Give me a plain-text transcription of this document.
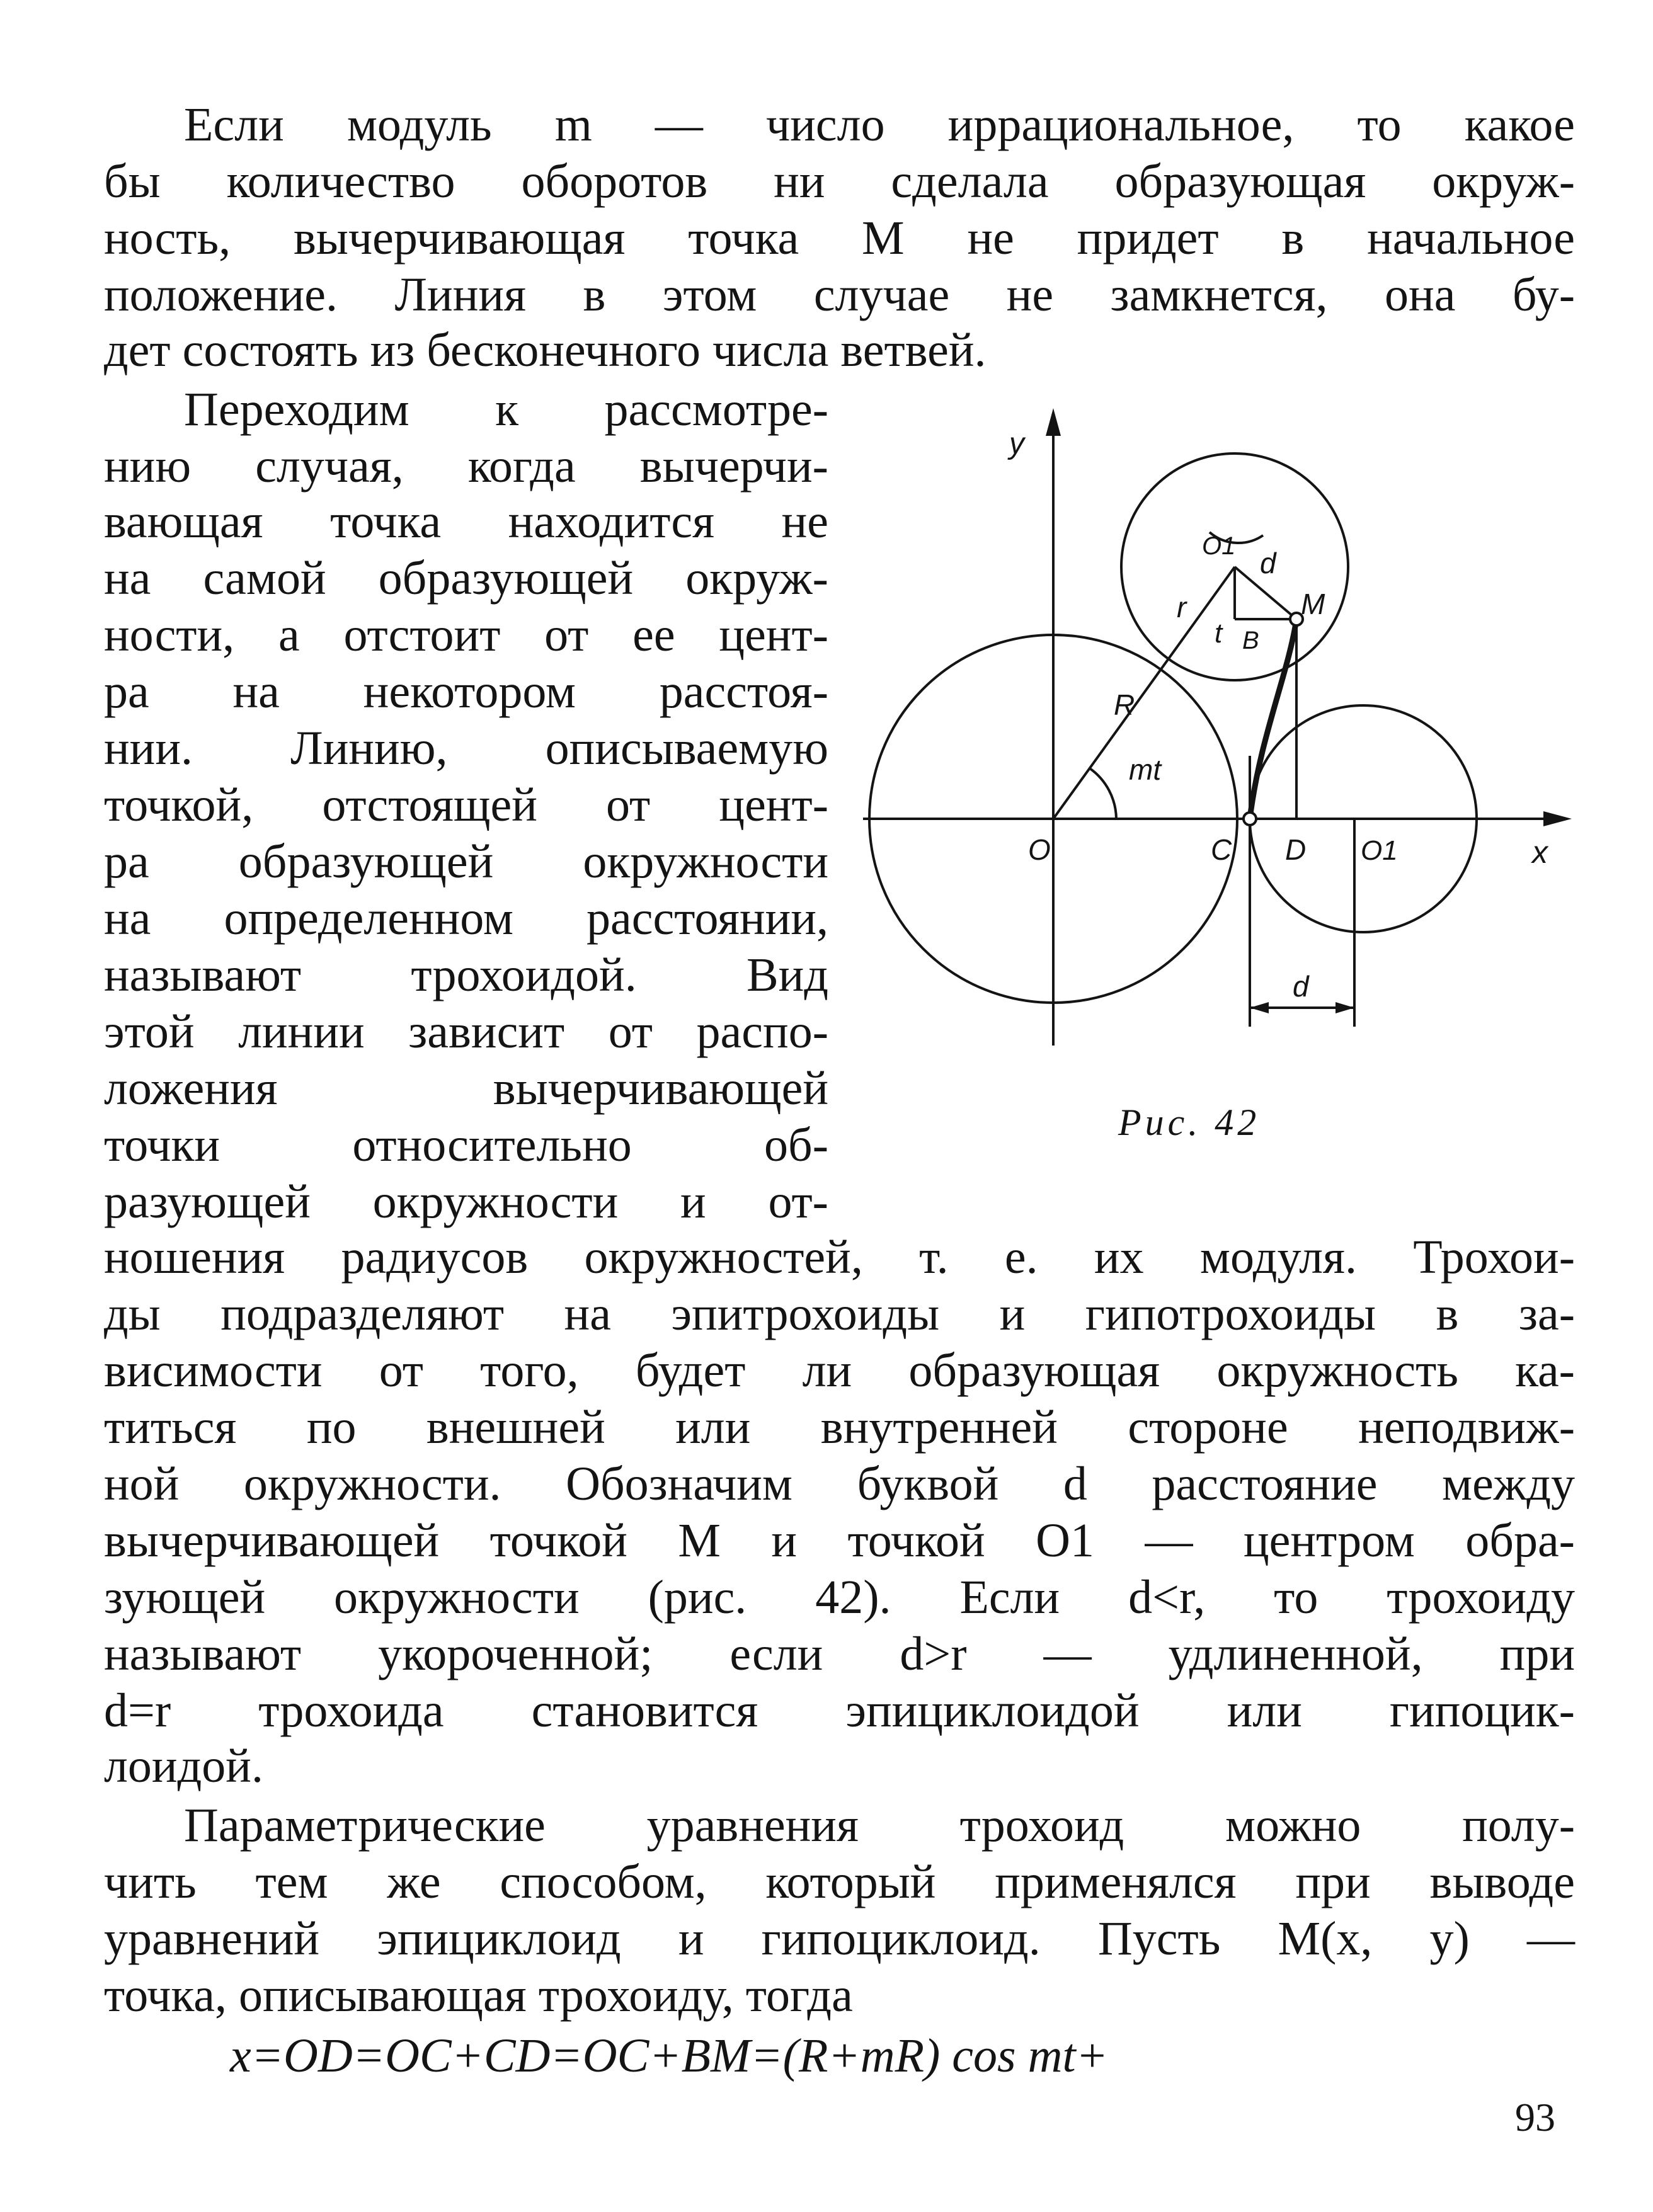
Если модуль m — число иррациональное, то какое
бы количество оборотов ни сделала образующая окруж-
ность, вычерчивающая точка M не придет в начальное
положение. Линия в этом случае не замкнется, она бу-
дет состоять из бесконечного числа ветвей.
Переходим к рассмотре-
нию случая, когда вычерчи-
вающая точка находится не
на самой образующей окруж-
ности, а отстоит от ее цент-
ра на некотором расстоя-
нии. Линию, описываемую
точкой, отстоящей от цент-
ра образующей окружности
на определенном расстоянии,
называют трохоидой. Вид
этой линии зависит от распо-
ложения вычерчивающей
точки относительно об-
разующей окружности и от-
ношения радиусов окружностей, т. е. их модуля. Трохои-
ды подразделяют на эпитрохоиды и гипотрохоиды в за-
висимости от того, будет ли образующая окружность ка-
титься по внешней или внутренней стороне неподвиж-
ной окружности. Обозначим буквой d расстояние между
вычерчивающей точкой M и точкой O1 — центром обра-
зующей окружности (рис. 42). Если d<r, то трохоиду
называют укороченной; если d>r — удлиненной, при
d=r трохоида становится эпициклоидой или гипоцик-
лоидой.
Параметрические уравнения трохоид можно полу-
чить тем же способом, который применялся при выводе
уравнений эпициклоид и гипоциклоид. Пусть M(x, y) —
точка, описывающая трохоиду, тогда
x=OD=OC+CD=OC+BM=(R+mR) cos mt+
y
x
O	C D O1
O1
M
B
t
mt
R
r
d
d
Рис. 42
93
